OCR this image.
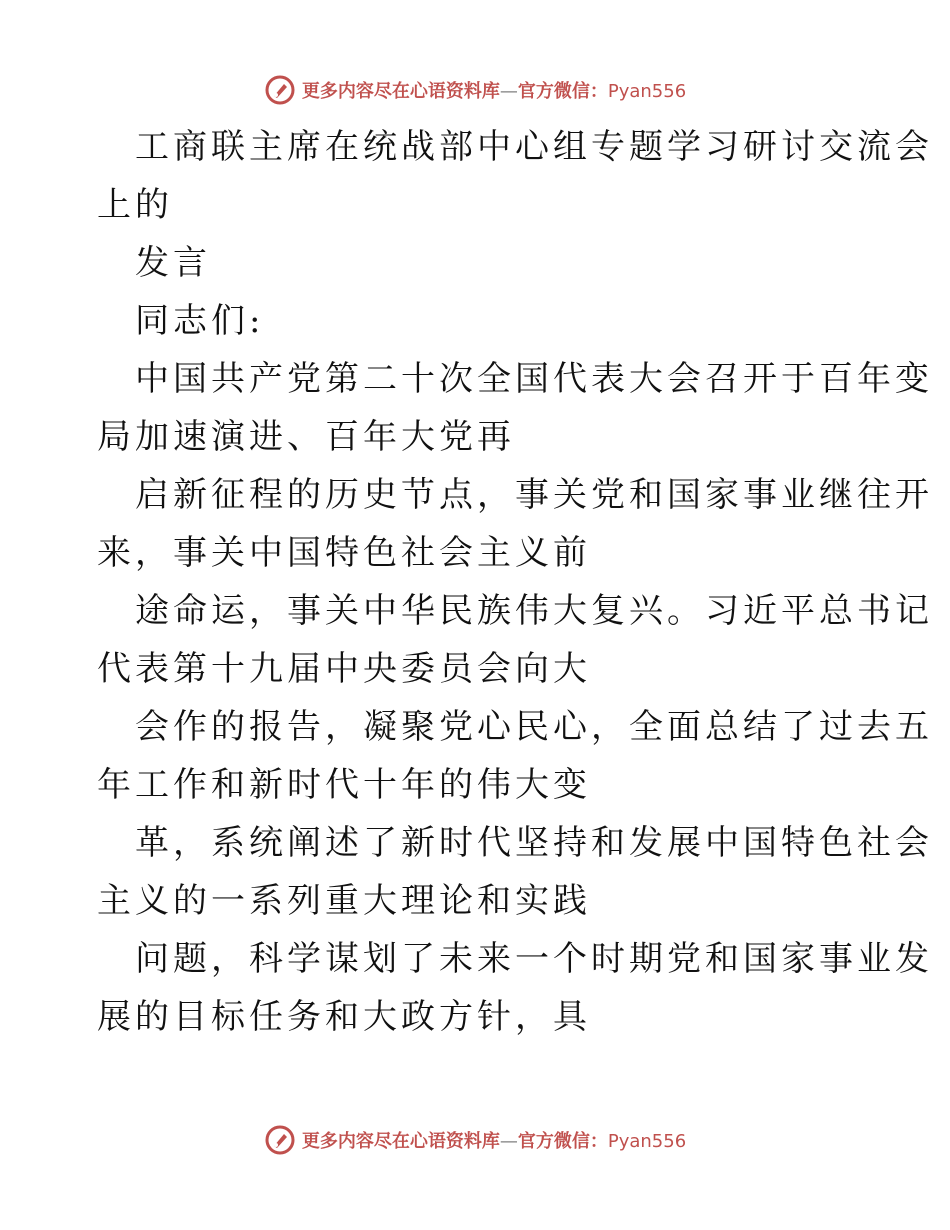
更多内容尽在心语资料库—官方微信：Pyan556
工商联主席在统战部中心组专题学习研讨交流会
上的
发言
同志们:
中国共产党第二十次全国代表大会召开于百年变
局加速演进、百年大党再
启新征程的历史节点，事关党和国家事业继往开
来，事关中国特色社会主义前
途命运，事关中华民族伟大复兴。习近平总书记
代表第十九届中央委员会向大
会作的报告，凝聚党心民心，全面总结了过去五
年工作和新时代十年的伟大变
革，系统阐述了新时代坚持和发展中国特色社会
主义的一系列重大理论和实践
问题，科学谋划了未来一个时期党和国家事业发
展的目标任务和大政方针，具
更多内容尽在心语资料库—官方微信：Pyan556
